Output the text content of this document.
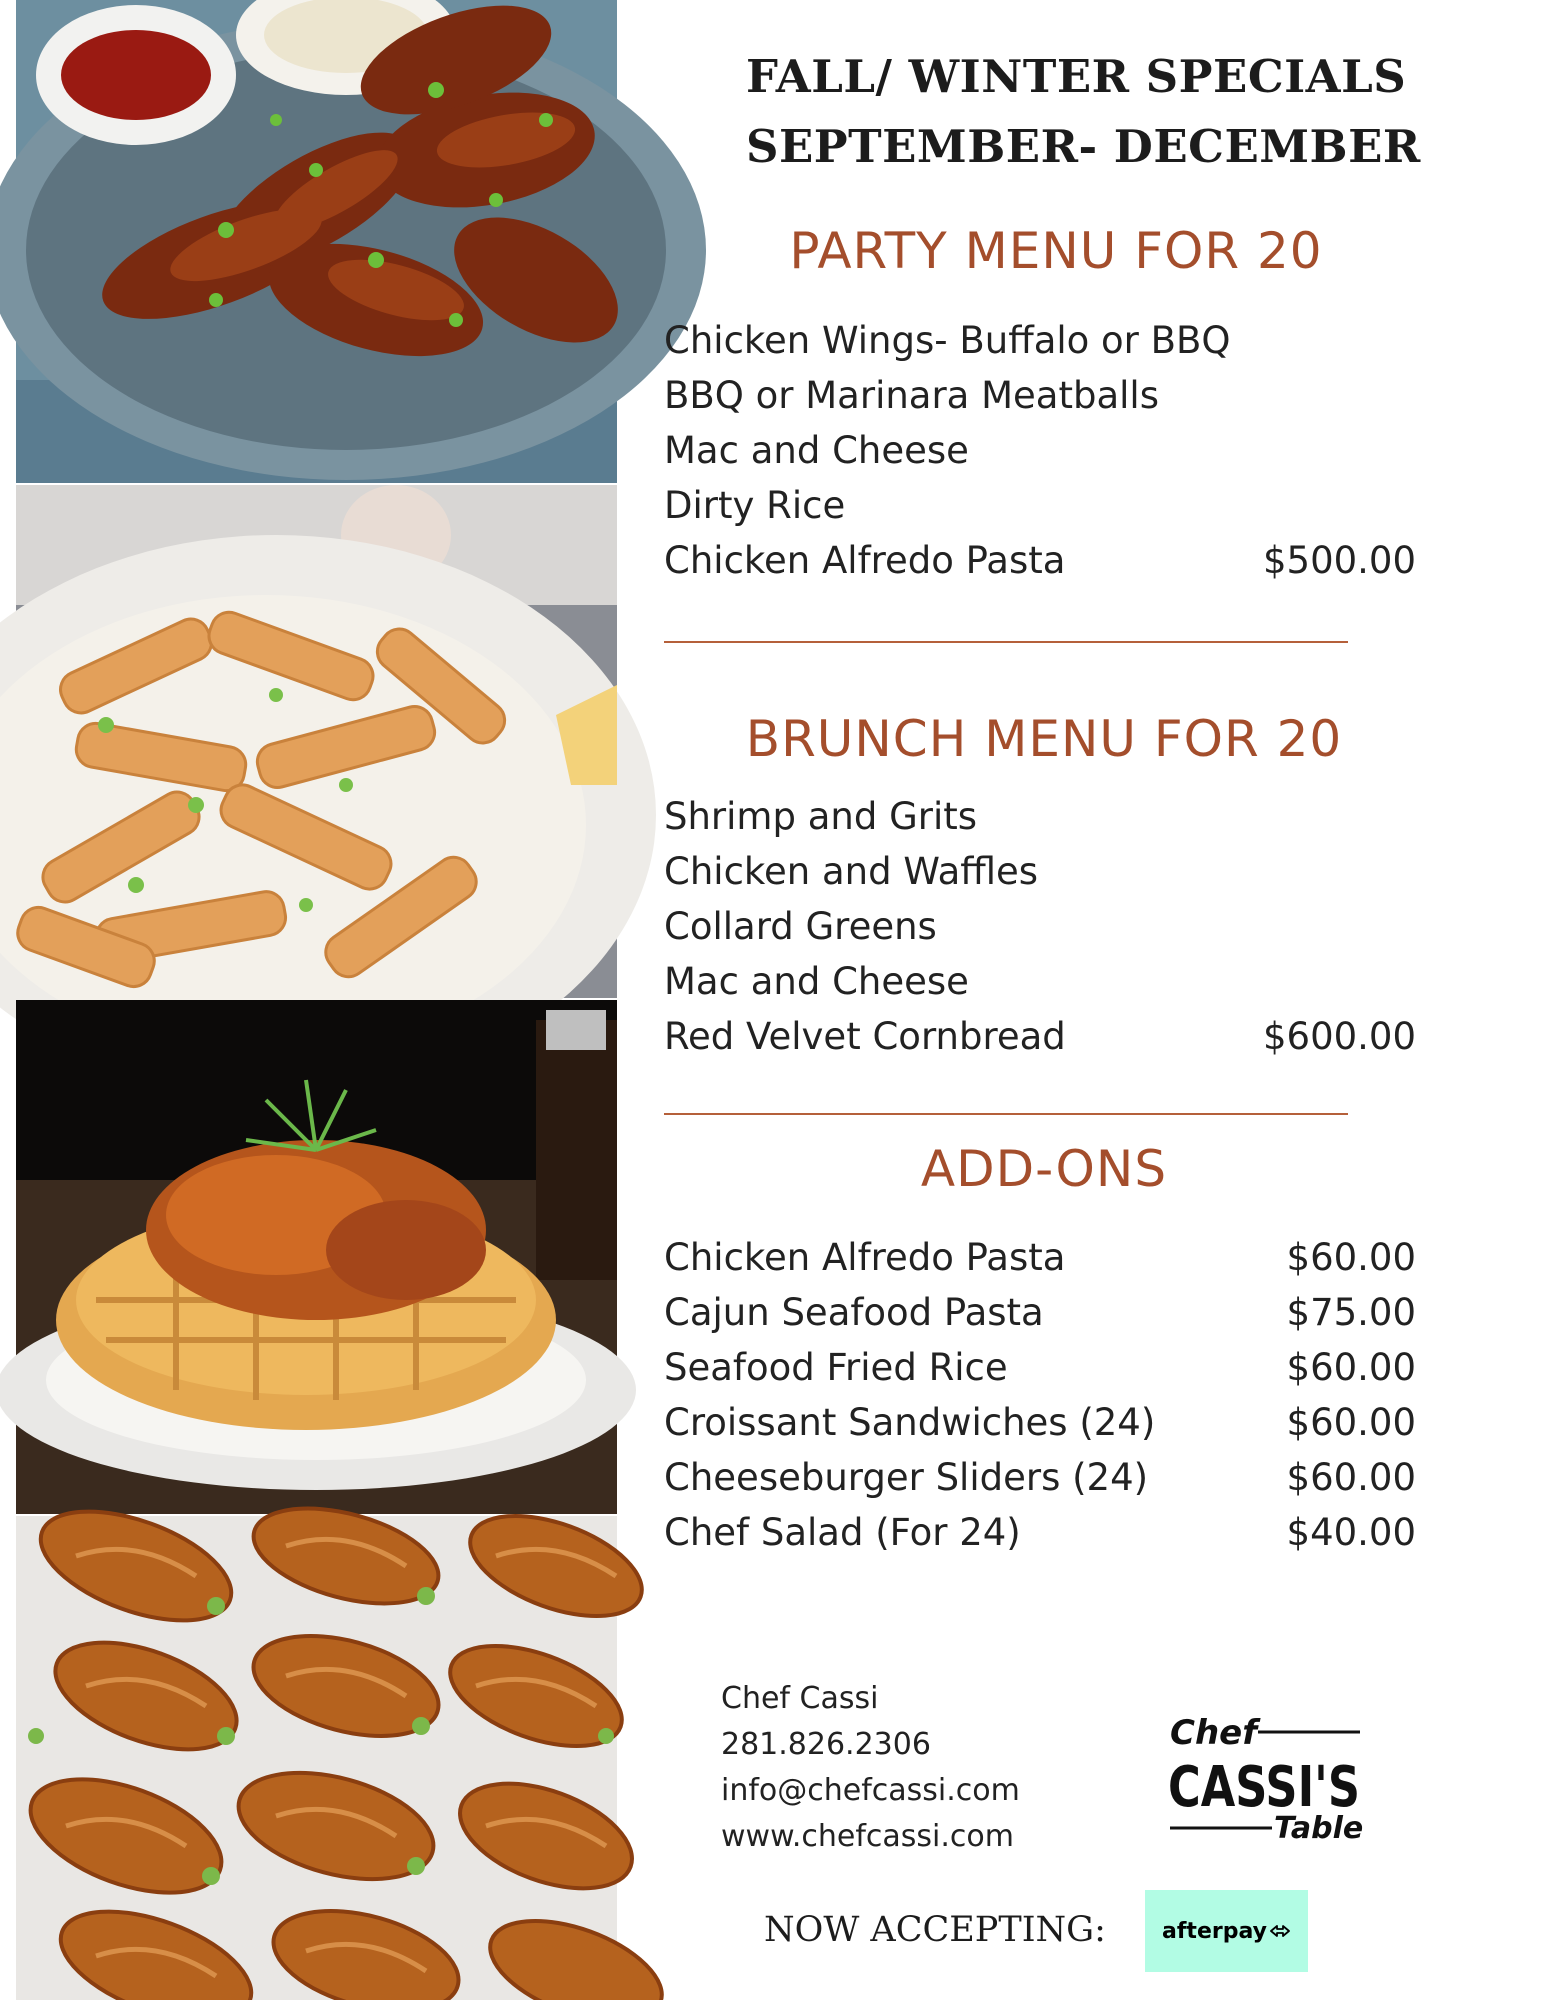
FALL/ WINTER SPECIALS
SEPTEMBER- DECEMBER
PARTY MENU FOR 20
Chicken Wings- Buffalo or BBQ
BBQ or Marinara Meatballs
Mac and Cheese
Dirty Rice
Chicken Alfredo Pasta	$500.00
BRUNCH MENU FOR 20
Shrimp and Grits
Chicken and Waffles
Collard Greens
Mac and Cheese
Red Velvet Cornbread	$600.00
ADD-ONS
Chicken Alfredo Pasta	$60.00
Cajun Seafood Pasta	$75.00
Seafood Fried Rice	$60.00
Croissant Sandwiches (24)	$60.00
Cheeseburger Sliders (24)	$60.00
Chef Salad (For 24)	$40.00
Chef Cassi
281.826.2306
info@chefcassi.com
www.chefcassi.com
Chef
CASSI'S
Table
NOW ACCEPTING:	afterpay
